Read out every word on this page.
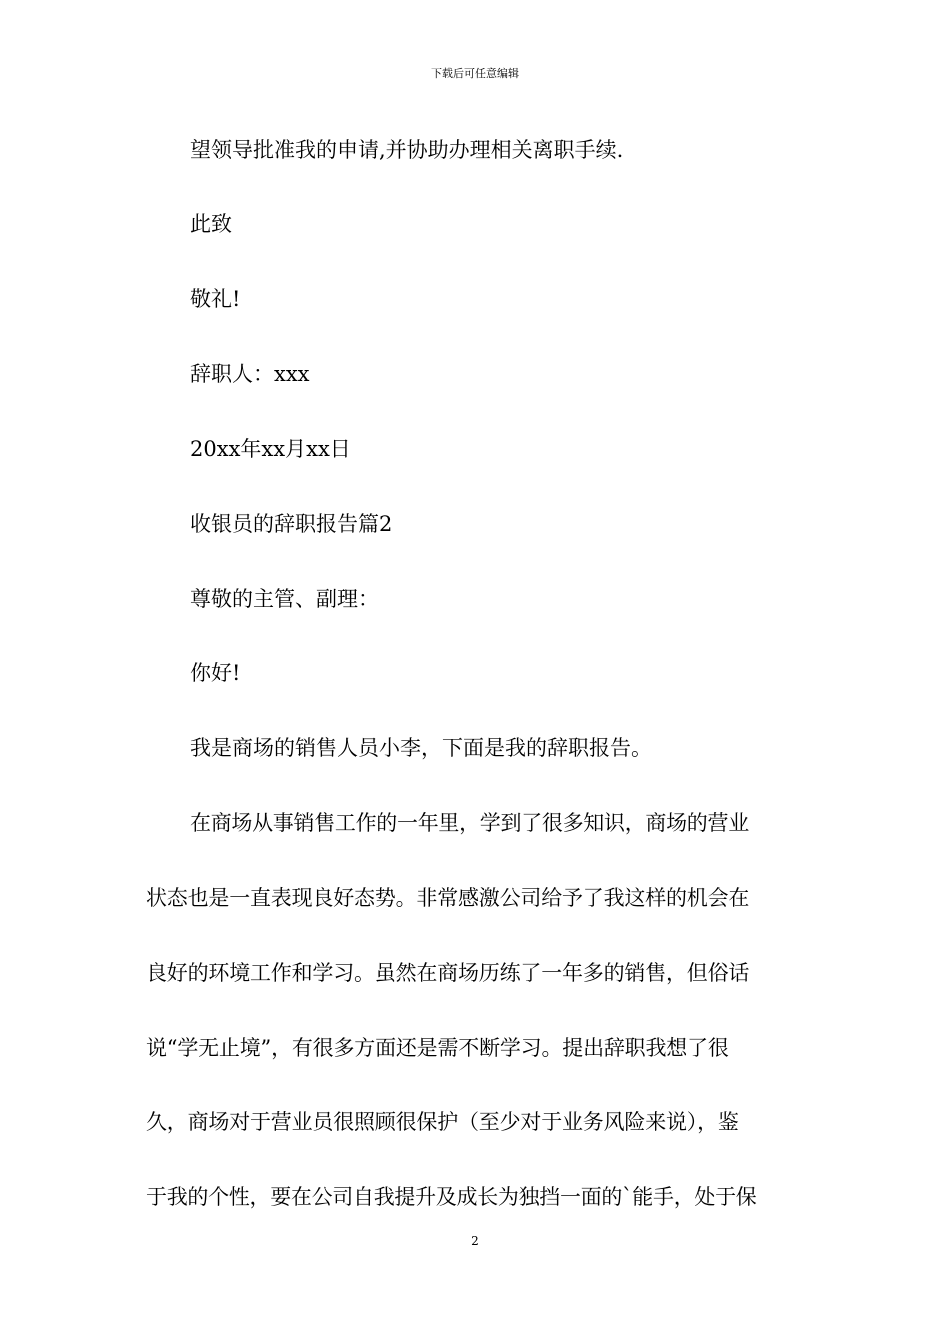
下载后可任意编辑
望领导批准我的申请,并协助办理相关离职手续.
此致
敬礼!
辞职人：xxx
20xx年xx月xx日
收银员的辞职报告篇2
尊敬的主管、副理：
你好!
我是商场的销售人员小李，下面是我的辞职报告。
在商场从事销售工作的一年里，学到了很多知识，商场的营业
状态也是一直表现良好态势。非常感激公司给予了我这样的机会在
良好的环境工作和学习。虽然在商场历练了一年多的销售，但俗话
说“学无止境”，有很多方面还是需不断学习。提出辞职我想了很
久，商场对于营业员很照顾很保护（至少对于业务风险来说），鉴
于我的个性，要在公司自我提升及成长为独挡一面的`能手，处于保
2
